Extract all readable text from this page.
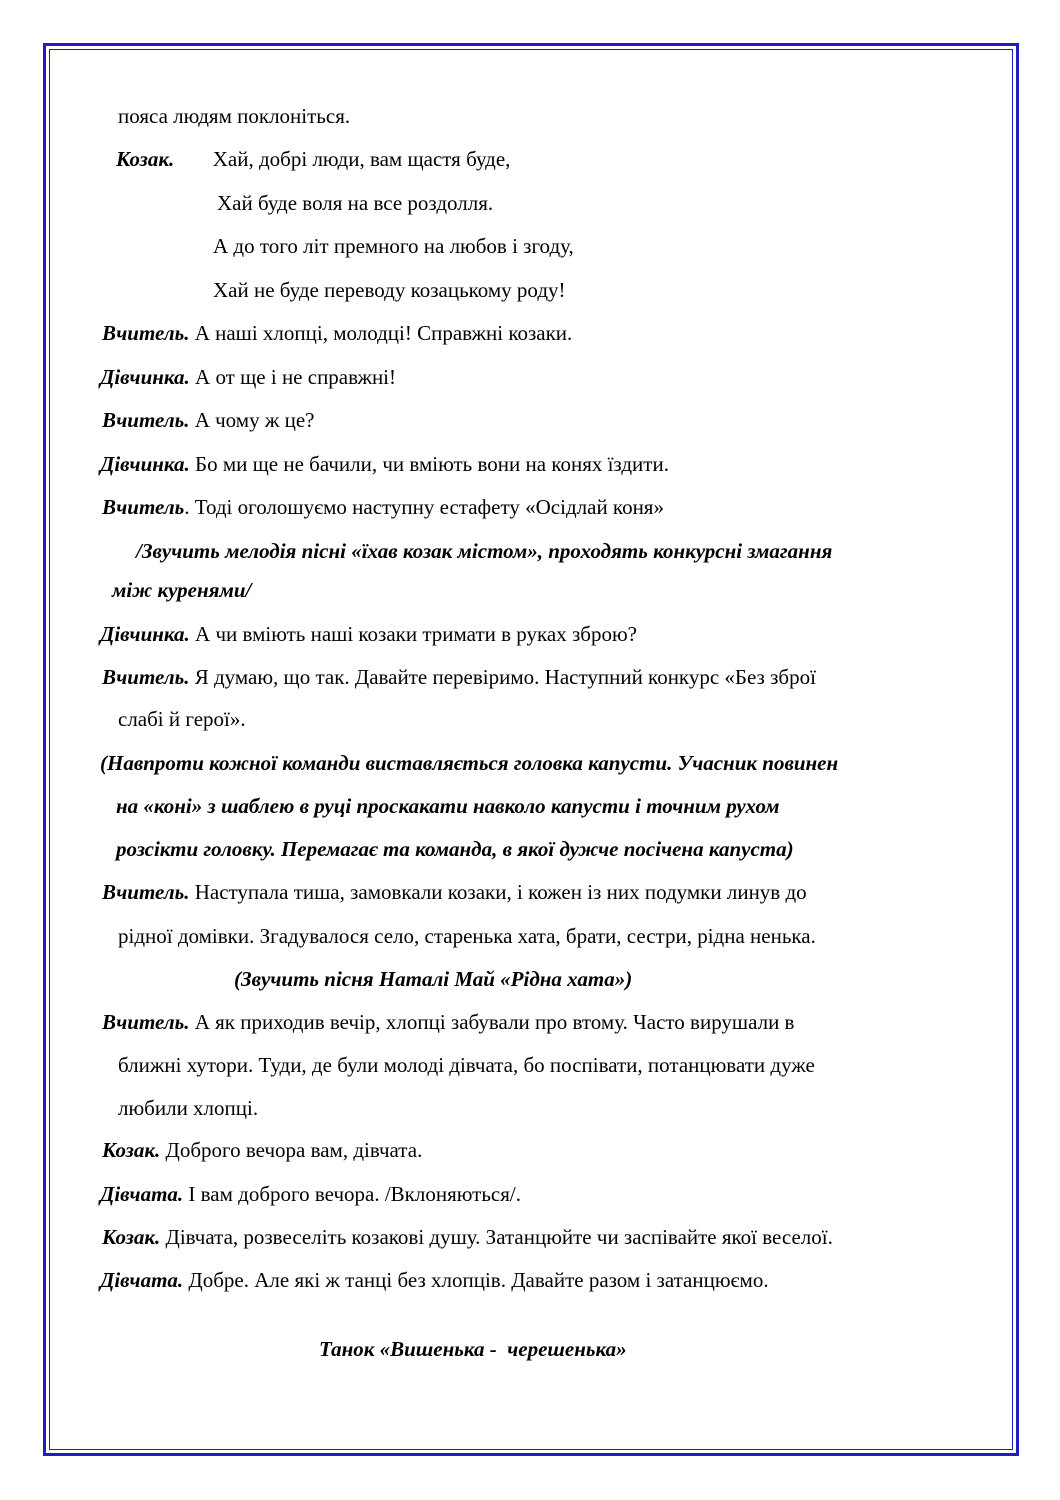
пояса людям поклоніться.
Козак. Хай, добрі люди, вам щастя буде,
Хай буде воля на все роздолля.
А до того літ премного на любов і згоду,
Хай не буде переводу козацькому роду!
Вчитель. А наші хлопці, молодці! Справжні козаки.
Дівчинка. А от ще і не справжні!
Вчитель. А чому ж це?
Дівчинка. Бо ми ще не бачили, чи вміють вони на конях їздити.
Вчитель. Тоді оголошуємо наступну естафету «Осідлай коня»
/Звучить мелодія пісні «їхав козак містом», проходять конкурсні змагання
між куренями/
Дівчинка. А чи вміють наші козаки тримати в руках зброю?
Вчитель. Я думаю, що так. Давайте перевіримо. Наступний конкурс «Без зброї
слабі й герої».
(Навпроти кожної команди виставляється головка капусти. Учасник повинен
на «коні» з шаблею в руці проскакати навколо капусти і точним рухом
розсікти головку. Перемагає та команда, в якої дужче посічена капуста)
Вчитель. Наступала тиша, замовкали козаки, і кожен із них подумки линув до
рідної домівки. Згадувалося село, старенька хата, брати, сестри, рідна ненька.
(Звучить пісня Наталі Май «Рідна хата»)
Вчитель. А як приходив вечір, хлопці забували про втому. Часто вирушали в
ближні хутори. Туди, де були молоді дівчата, бо поспівати, потанцювати дуже
любили хлопці.
Козак. Доброго вечора вам, дівчата.
Дівчата. І вам доброго вечора. /Вклоняються/.
Козак. Дівчата, розвеселіть козакові душу. Затанцюйте чи заспівайте якої веселої.
Дівчата. Добре. Але які ж танці без хлопців. Давайте разом і затанцюємо.

Танок «Вишенька -  черешенька»
